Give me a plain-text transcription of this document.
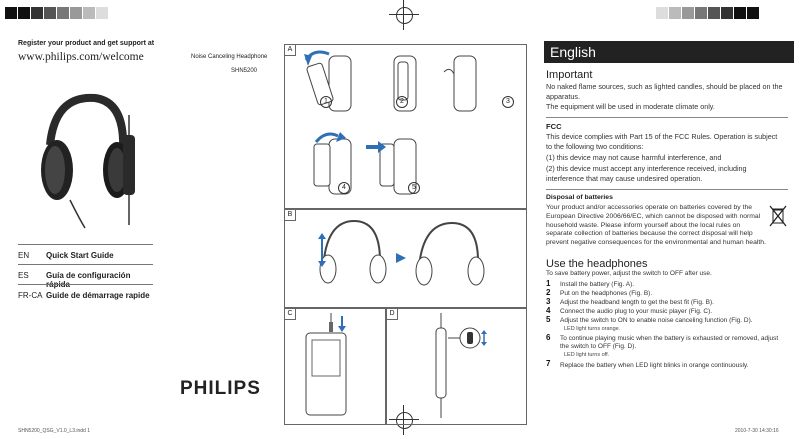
Register your product and get support at
www.philips.com/welcome	Noise Canceling Headphone
SHN5200
EN Quick Start Guide
ES Guía de configuración rápida
FR-CA Guide de démarrage rapide
PHILIPS
A
1	2	3
4	5
B
C	D
English
Important
No naked flame sources, such as lighted candles, should be placed on the apparatus.
The equipment will be used in moderate climate only.
FCC
This device complies with Part 15 of the FCC Rules. Operation is subject to the following two conditions:
(1) this device may not cause harmful interference, and
(2) this device must accept any interference received, including interference that may cause undesired operation.
Disposal of batteries
Your product and/or accessories operate on batteries covered by the European Directive 2006/66/EC, which cannot be disposed with normal household waste. Please inform yourself about the local rules on separate collection of batteries because the correct disposal will help prevent negative consequences for the environmental and human health.
Use the headphones
To save battery power, adjust the switch to OFF after use.
1 Install the battery (Fig. A).
2 Put on the headphones (Fig. B).
3 Adjust the headband length to get the best fit (Fig. B).
4 Connect the audio plug to your music player (Fig. C).
5 Adjust the switch to ON to enable noise canceling function (Fig. D).
LED light turns orange.
6 To continue playing music when the battery is exhausted or removed, adjust the switch to OFF (Fig. D).
LED light turns off.
7 Replace the battery when LED light blinks in orange continuously.
SHN5200_QSG_V1.0_L3.indd 1	2010-7-30 14:30:16
